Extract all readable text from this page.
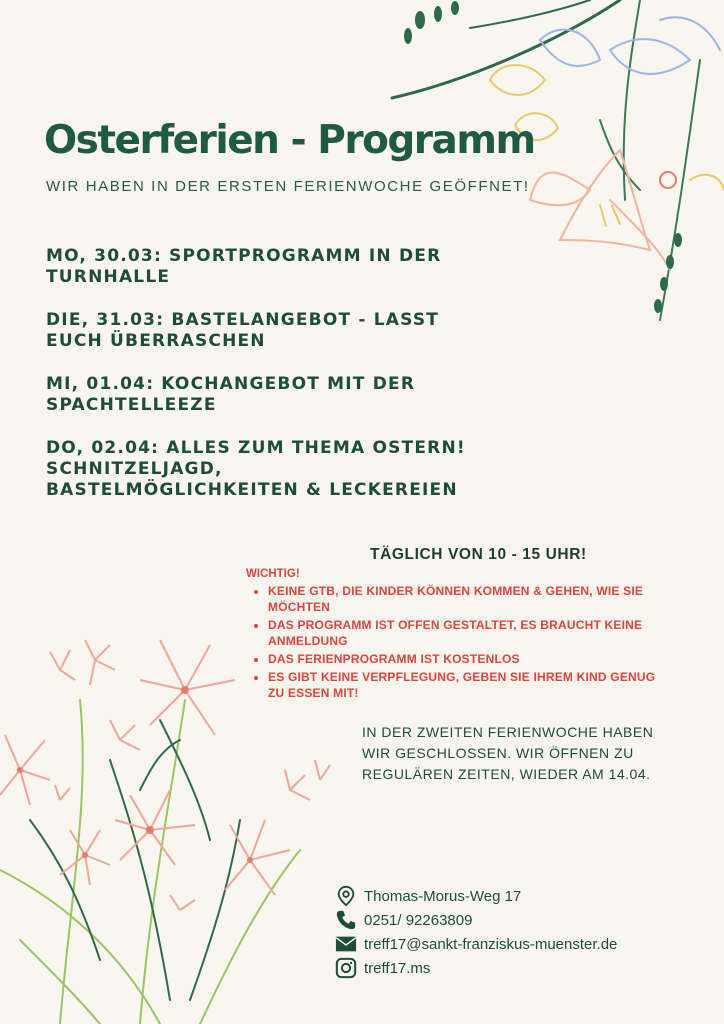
Osterferien - Programm
WIR HABEN IN DER ERSTEN FERIENWOCHE GEÖFFNET!
MO, 30.03: SPORTPROGRAMM IN DER TURNHALLE
DIE, 31.03: BASTELANGEBOT - LASST EUCH ÜBERRASCHEN
MI, 01.04: KOCHANGEBOT MIT DER SPACHTELLEEZE
DO, 02.04: ALLES ZUM THEMA OSTERN! SCHNITZELJAGD, BASTELMÖGLICHKEITEN & LECKEREIEN
TÄGLICH VON 10 - 15 UHR!
WICHTIG!
• KEINE GTB, DIE KINDER KÖNNEN KOMMEN & GEHEN, WIE SIE MÖCHTEN
• DAS PROGRAMM IST OFFEN GESTALTET, ES BRAUCHT KEINE ANMELDUNG
• DAS FERIENPROGRAMM IST KOSTENLOS
• ES GIBT KEINE VERPFLEGUNG, GEBEN SIE IHREM KIND GENUG ZU ESSEN MIT!
IN DER ZWEITEN FERIENWOCHE HABEN WIR GESCHLOSSEN. WIR ÖFFNEN ZU REGULÄREN ZEITEN, WIEDER AM 14.04.
Thomas-Morus-Weg 17
0251/ 92263809
treff17@sankt-franziskus-muenster.de
treff17.ms
